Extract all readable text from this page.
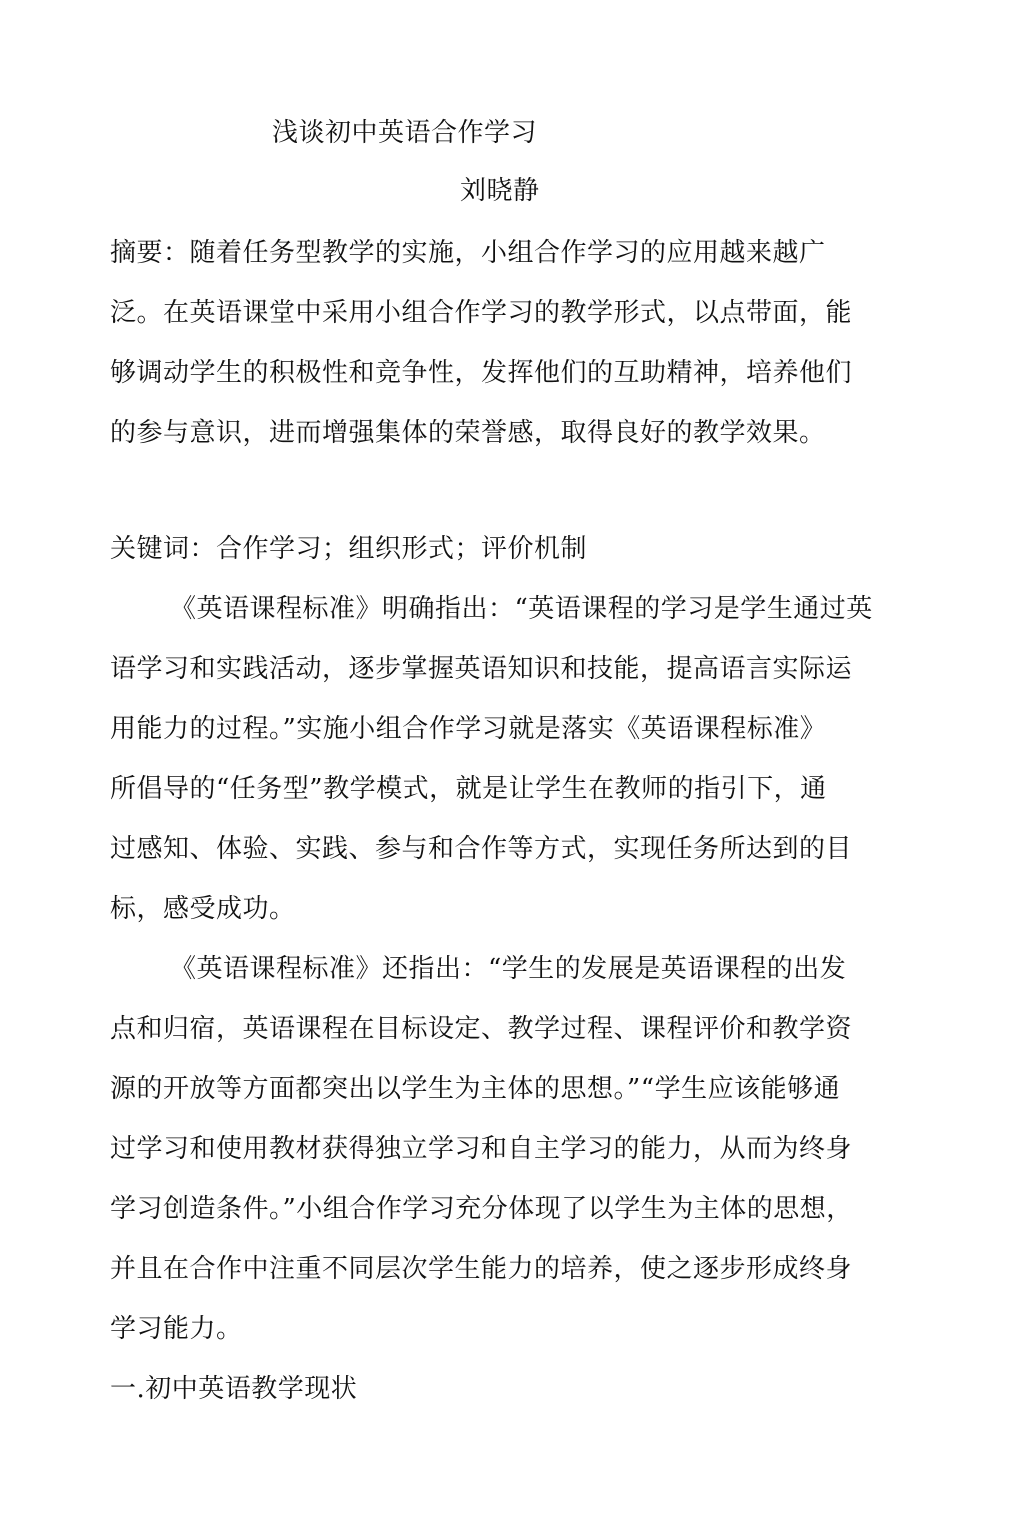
浅谈初中英语合作学习
刘晓静
摘要：随着任务型教学的实施，小组合作学习的应用越来越广
泛。在英语课堂中采用小组合作学习的教学形式，以点带面，能
够调动学生的积极性和竞争性，发挥他们的互助精神，培养他们
的参与意识，进而增强集体的荣誉感，取得良好的教学效果。
关键词：合作学习；组织形式；评价机制
《英语课程标准》明确指出：“英语课程的学习是学生通过英
语学习和实践活动，逐步掌握英语知识和技能，提高语言实际运
用能力的过程。”实施小组合作学习就是落实《英语课程标准》
所倡导的“任务型”教学模式，就是让学生在教师的指引下，通
过感知、体验、实践、参与和合作等方式，实现任务所达到的目
标，感受成功。
《英语课程标准》还指出：“学生的发展是英语课程的出发
点和归宿，英语课程在目标设定、教学过程、课程评价和教学资
源的开放等方面都突出以学生为主体的思想。”“学生应该能够通
过学习和使用教材获得独立学习和自主学习的能力，从而为终身
学习创造条件。”小组合作学习充分体现了以学生为主体的思想，
并且在合作中注重不同层次学生能力的培养，使之逐步形成终身
学习能力。
一.初中英语教学现状
